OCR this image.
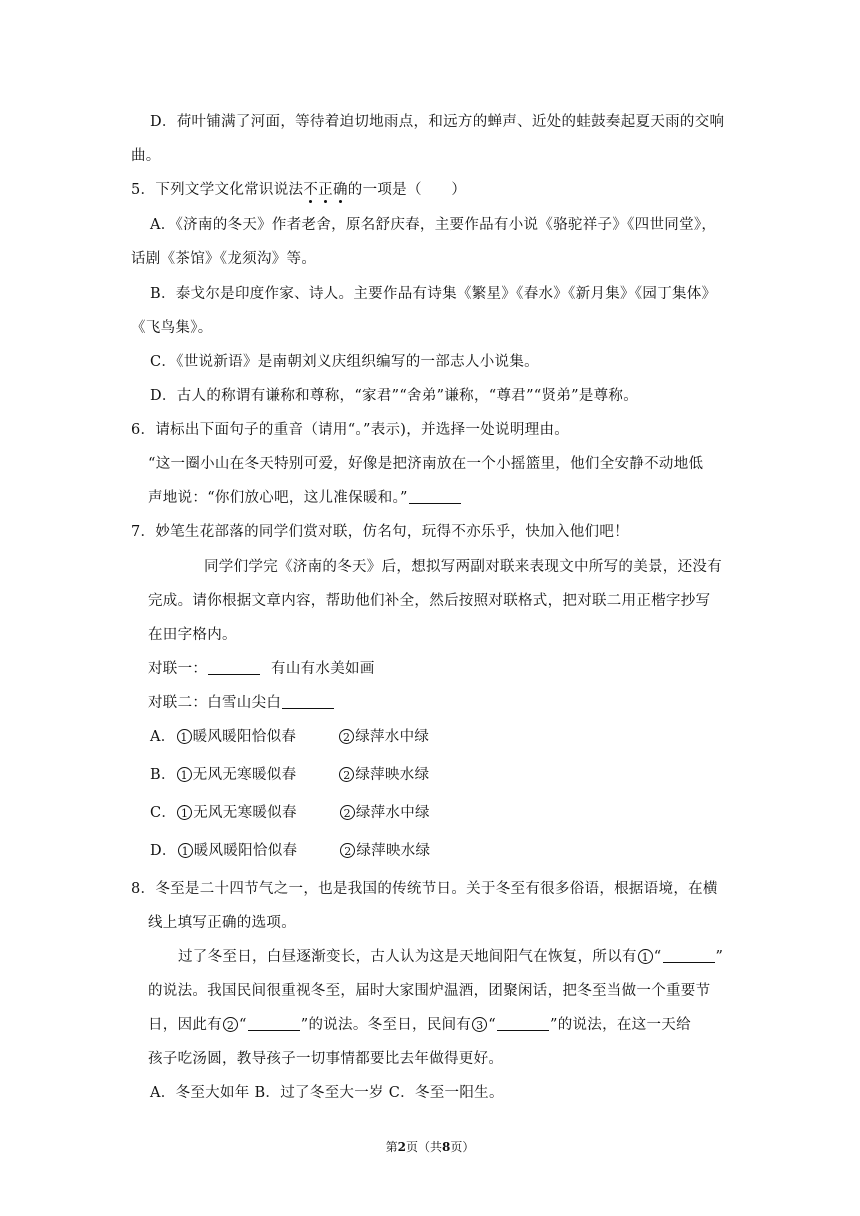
D．荷叶铺满了河面，等待着迫切地雨点，和远方的蝉声、近处的蛙鼓奏起夏天雨的交响
曲。
5．下列文学文化常识说法不正确的一项是（　　）
A．《济南的冬天》作者老舍，原名舒庆春，主要作品有小说《骆驼祥子》《四世同堂》，
话剧《茶馆》《龙须沟》等。
B．泰戈尔是印度作家、诗人。主要作品有诗集《繁星》《春水》《新月集》《园丁集体》
《飞鸟集》。
C．《世说新语》是南朝刘义庆组织编写的一部志人小说集。
D．古人的称谓有谦称和尊称，“家君”“舍弟”谦称，“尊君”“贤弟”是尊称。
6．请标出下面句子的重音（请用“。”表示)，并选择一处说明理由。
“这一圈小山在冬天特别可爱，好像是把济南放在一个小摇篮里，他们全安静不动地低
声地说：“你们放心吧，这儿准保暖和。”
7．妙笔生花部落的同学们赏对联，仿名句，玩得不亦乐乎，快加入他们吧！
同学们学完《济南的冬天》后，想拟写两副对联来表现文中所写的美景，还没有
完成。请你根据文章内容，帮助他们补全，然后按照对联格式，把对联二用正楷字抄写
在田字格内。
对联一：	有山有水美如画
对联二：白雪山尖白
A． 1 暖风暖阳恰似春	2 绿萍水中绿
B． 1 无风无寒暖似春	2 绿萍映水绿
C． 1 无风无寒暖似春	2 绿萍水中绿
D． 1 暖风暖阳恰似春	2 绿萍映水绿
8．冬至是二十四节气之一，也是我国的传统节日。关于冬至有很多俗语，根据语境，在横
线上填写正确的选项。
过了冬至日，白昼逐渐变长，古人认为这是天地间阳气在恢复，所以有 1 “	”
的说法。我国民间很重视冬至，届时大家围炉温酒，团聚闲话，把冬至当做一个重要节
日，因此有 2 “	”的说法。冬至日，民间有 3 “	”的说法，在这一天给
孩子吃汤圆，教导孩子一切事情都要比去年做得更好。
A．冬至大如年 B．过了冬至大一岁 C．冬至一阳生。
第2页（共8页）
